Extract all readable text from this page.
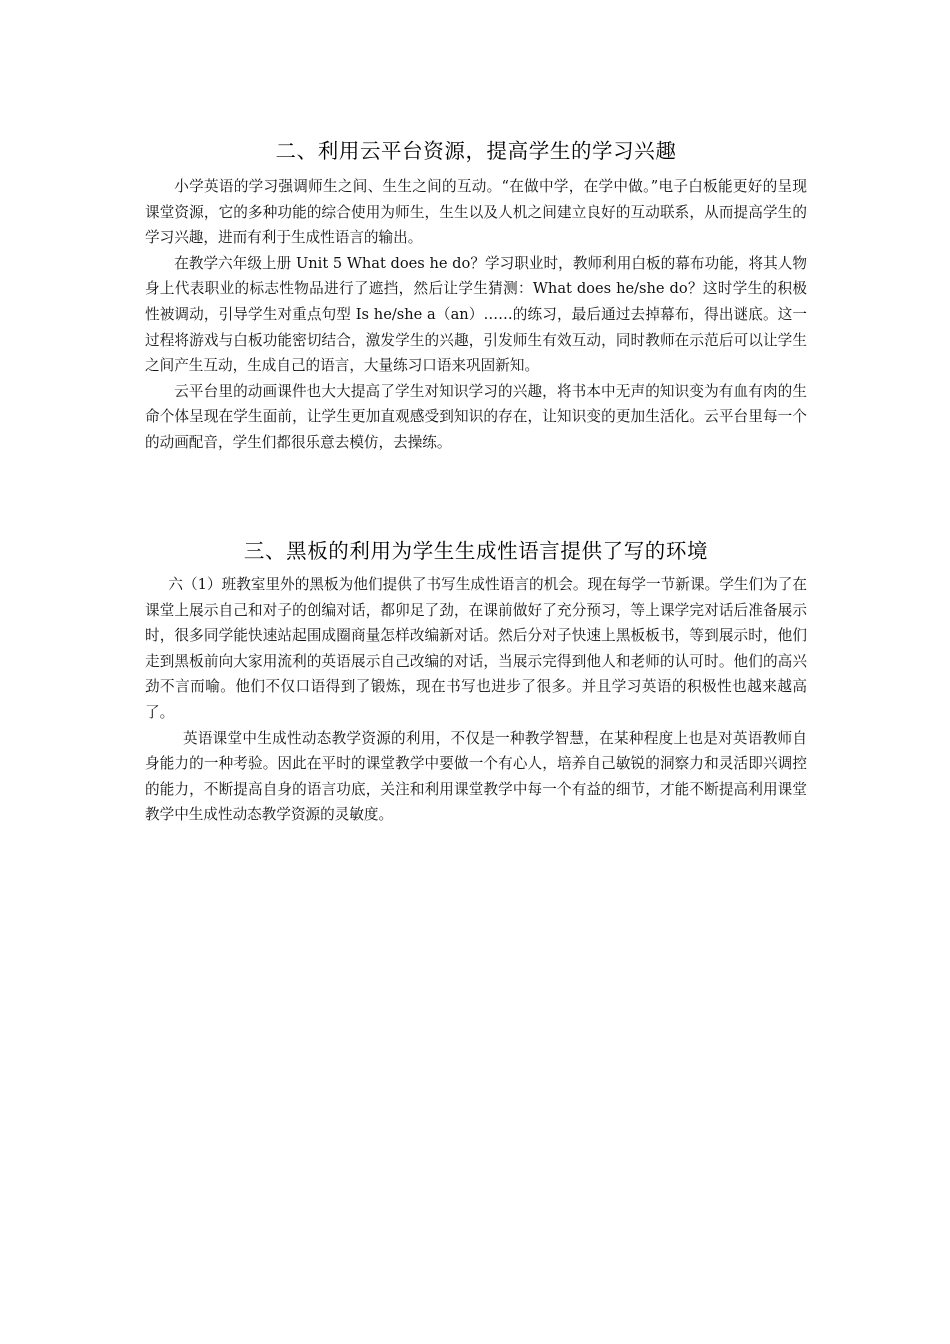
二、利用云平台资源，提高学生的学习兴趣

小学英语的学习强调师生之间、生生之间的互动。“在做中学，在学中做。”电子白板能更好的呈现课堂资源，它的多种功能的综合使用为师生，生生以及人机之间建立良好的互动联系，从而提高学生的学习兴趣，进而有利于生成性语言的输出。

在教学六年级上册 Unit 5 What does he do？学习职业时，教师利用白板的幕布功能，将其人物身上代表职业的标志性物品进行了遮挡，然后让学生猜测：What does he/she do？这时学生的积极性被调动，引导学生对重点句型 Is he/she a（an）……的练习，最后通过去掉幕布，得出谜底。这一过程将游戏与白板功能密切结合，激发学生的兴趣，引发师生有效互动，同时教师在示范后可以让学生之间产生互动，生成自己的语言，大量练习口语来巩固新知。

云平台里的动画课件也大大提高了学生对知识学习的兴趣，将书本中无声的知识变为有血有肉的生命个体呈现在学生面前，让学生更加直观感受到知识的存在，让知识变的更加生活化。云平台里每一个的动画配音，学生们都很乐意去模仿，去操练。

三、黑板的利用为学生生成性语言提供了写的环境

六（1）班教室里外的黑板为他们提供了书写生成性语言的机会。现在每学一节新课。学生们为了在课堂上展示自己和对子的创编对话，都卯足了劲，在课前做好了充分预习，等上课学完对话后准备展示时，很多同学能快速站起围成圈商量怎样改编新对话。然后分对子快速上黑板板书，等到展示时，他们走到黑板前向大家用流利的英语展示自己改编的对话，当展示完得到他人和老师的认可时。他们的高兴劲不言而喻。他们不仅口语得到了锻炼，现在书写也进步了很多。并且学习英语的积极性也越来越高了。

英语课堂中生成性动态教学资源的利用，不仅是一种教学智慧，在某种程度上也是对英语教师自身能力的一种考验。因此在平时的课堂教学中要做一个有心人，培养自己敏锐的洞察力和灵活即兴调控的能力，不断提高自身的语言功底，关注和利用课堂教学中每一个有益的细节，才能不断提高利用课堂教学中生成性动态教学资源的灵敏度。
